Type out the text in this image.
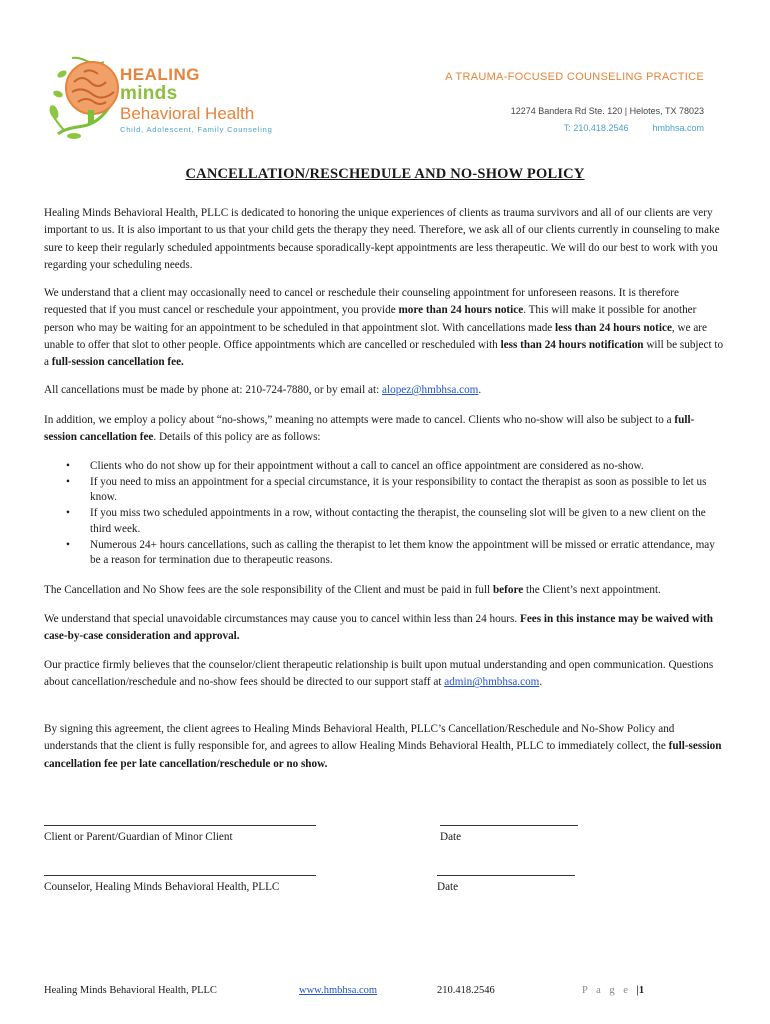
HEALING
minds
Behavioral Health
Child, Adolescent, Family Counseling
A TRAUMA-FOCUSED COUNSELING PRACTICE
12274 Bandera Rd Ste. 120 | Helotes, TX 78023
T: 210.418.2546	hmbhsa.com
CANCELLATION/RESCHEDULE AND NO-SHOW POLICY
Healing Minds Behavioral Health, PLLC is dedicated to honoring the unique experiences of clients as trauma survivors and all of our clients are very important to us. It is also important to us that your child gets the therapy they need. Therefore, we ask all of our clients currently in counseling to make sure to keep their regularly scheduled appointments because sporadically-kept appointments are less therapeutic. We will do our best to work with you regarding your scheduling needs.
We understand that a client may occasionally need to cancel or reschedule their counseling appointment for unforeseen reasons. It is therefore requested that if you must cancel or reschedule your appointment, you provide more than 24 hours notice. This will make it possible for another person who may be waiting for an appointment to be scheduled in that appointment slot. With cancellations made less than 24 hours notice, we are unable to offer that slot to other people. Office appointments which are cancelled or rescheduled with less than 24 hours notification will be subject to a full-session cancellation fee.
All cancellations must be made by phone at: 210-724-7880, or by email at: alopez@hmbhsa.com.
In addition, we employ a policy about “no-shows,” meaning no attempts were made to cancel. Clients who no-show will also be subject to a full-session cancellation fee. Details of this policy are as follows:
• Clients who do not show up for their appointment without a call to cancel an office appointment are considered as no-show.
• If you need to miss an appointment for a special circumstance, it is your responsibility to contact the therapist as soon as possible to let us know.
• If you miss two scheduled appointments in a row, without contacting the therapist, the counseling slot will be given to a new client on the third week.
• Numerous 24+ hours cancellations, such as calling the therapist to let them know the appointment will be missed or erratic attendance, may be a reason for termination due to therapeutic reasons.
The Cancellation and No Show fees are the sole responsibility of the Client and must be paid in full before the Client’s next appointment.
We understand that special unavoidable circumstances may cause you to cancel within less than 24 hours. Fees in this instance may be waived with case-by-case consideration and approval.
Our practice firmly believes that the counselor/client therapeutic relationship is built upon mutual understanding and open communication. Questions about cancellation/reschedule and no-show fees should be directed to our support staff at admin@hmbhsa.com.
By signing this agreement, the client agrees to Healing Minds Behavioral Health, PLLC’s Cancellation/Reschedule and No-Show Policy and understands that the client is fully responsible for, and agrees to allow Healing Minds Behavioral Health, PLLC to immediately collect, the full-session cancellation fee per late cancellation/reschedule or no show.
Client or Parent/Guardian of Minor Client	Date
Counselor, Healing Minds Behavioral Health, PLLC	Date
Healing Minds Behavioral Health, PLLC	www.hmbhsa.com	210.418.2546	P a g e |1
